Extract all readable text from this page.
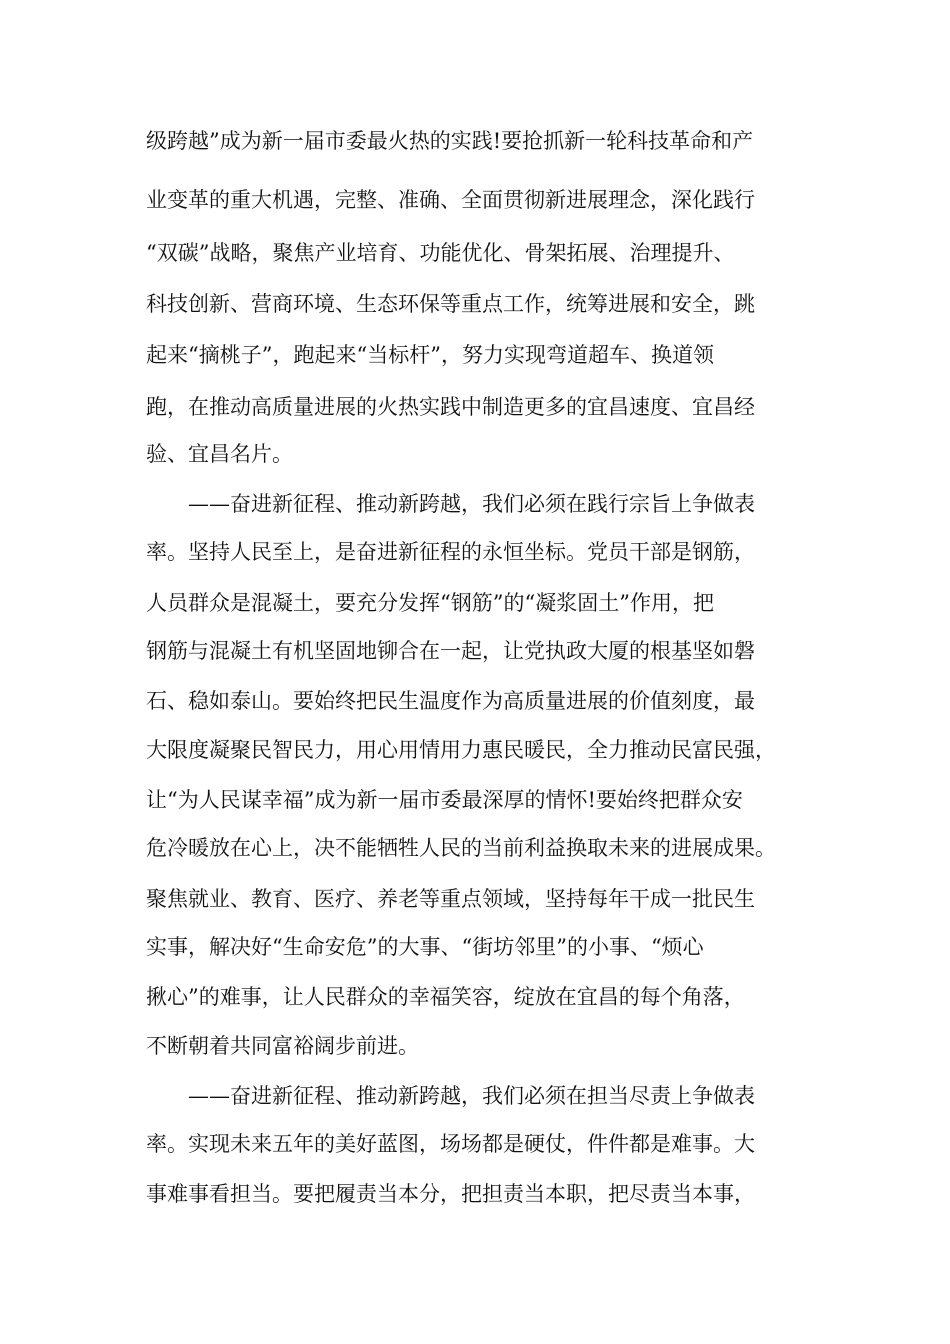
级跨越”成为新一届市委最火热的实践!要抢抓新一轮科技革命和产
业变革的重大机遇，完整、准确、全面贯彻新进展理念，深化践行
“双碳”战略，聚焦产业培育、功能优化、骨架拓展、治理提升、
科技创新、营商环境、生态环保等重点工作，统筹进展和安全，跳
起来“摘桃子”，跑起来“当标杆”，努力实现弯道超车、换道领
跑，在推动高质量进展的火热实践中制造更多的宜昌速度、宜昌经
验、宜昌名片。
——奋进新征程、推动新跨越，我们必须在践行宗旨上争做表
率。坚持人民至上，是奋进新征程的永恒坐标。党员干部是钢筋，
人员群众是混凝土，要充分发挥“钢筋”的“凝浆固土”作用，把
钢筋与混凝土有机坚固地铆合在一起，让党执政大厦的根基坚如磐
石、稳如泰山。要始终把民生温度作为高质量进展的价值刻度，最
大限度凝聚民智民力，用心用情用力惠民暖民，全力推动民富民强，
让“为人民谋幸福”成为新一届市委最深厚的情怀!要始终把群众安
危冷暖放在心上，决不能牺牲人民的当前利益换取未来的进展成果。
聚焦就业、教育、医疗、养老等重点领域，坚持每年干成一批民生
实事，解决好“生命安危”的大事、“街坊邻里”的小事、“烦心
揪心”的难事，让人民群众的幸福笑容，绽放在宜昌的每个角落，
不断朝着共同富裕阔步前进。
——奋进新征程、推动新跨越，我们必须在担当尽责上争做表
率。实现未来五年的美好蓝图，场场都是硬仗，件件都是难事。大
事难事看担当。要把履责当本分，把担责当本职，把尽责当本事，
